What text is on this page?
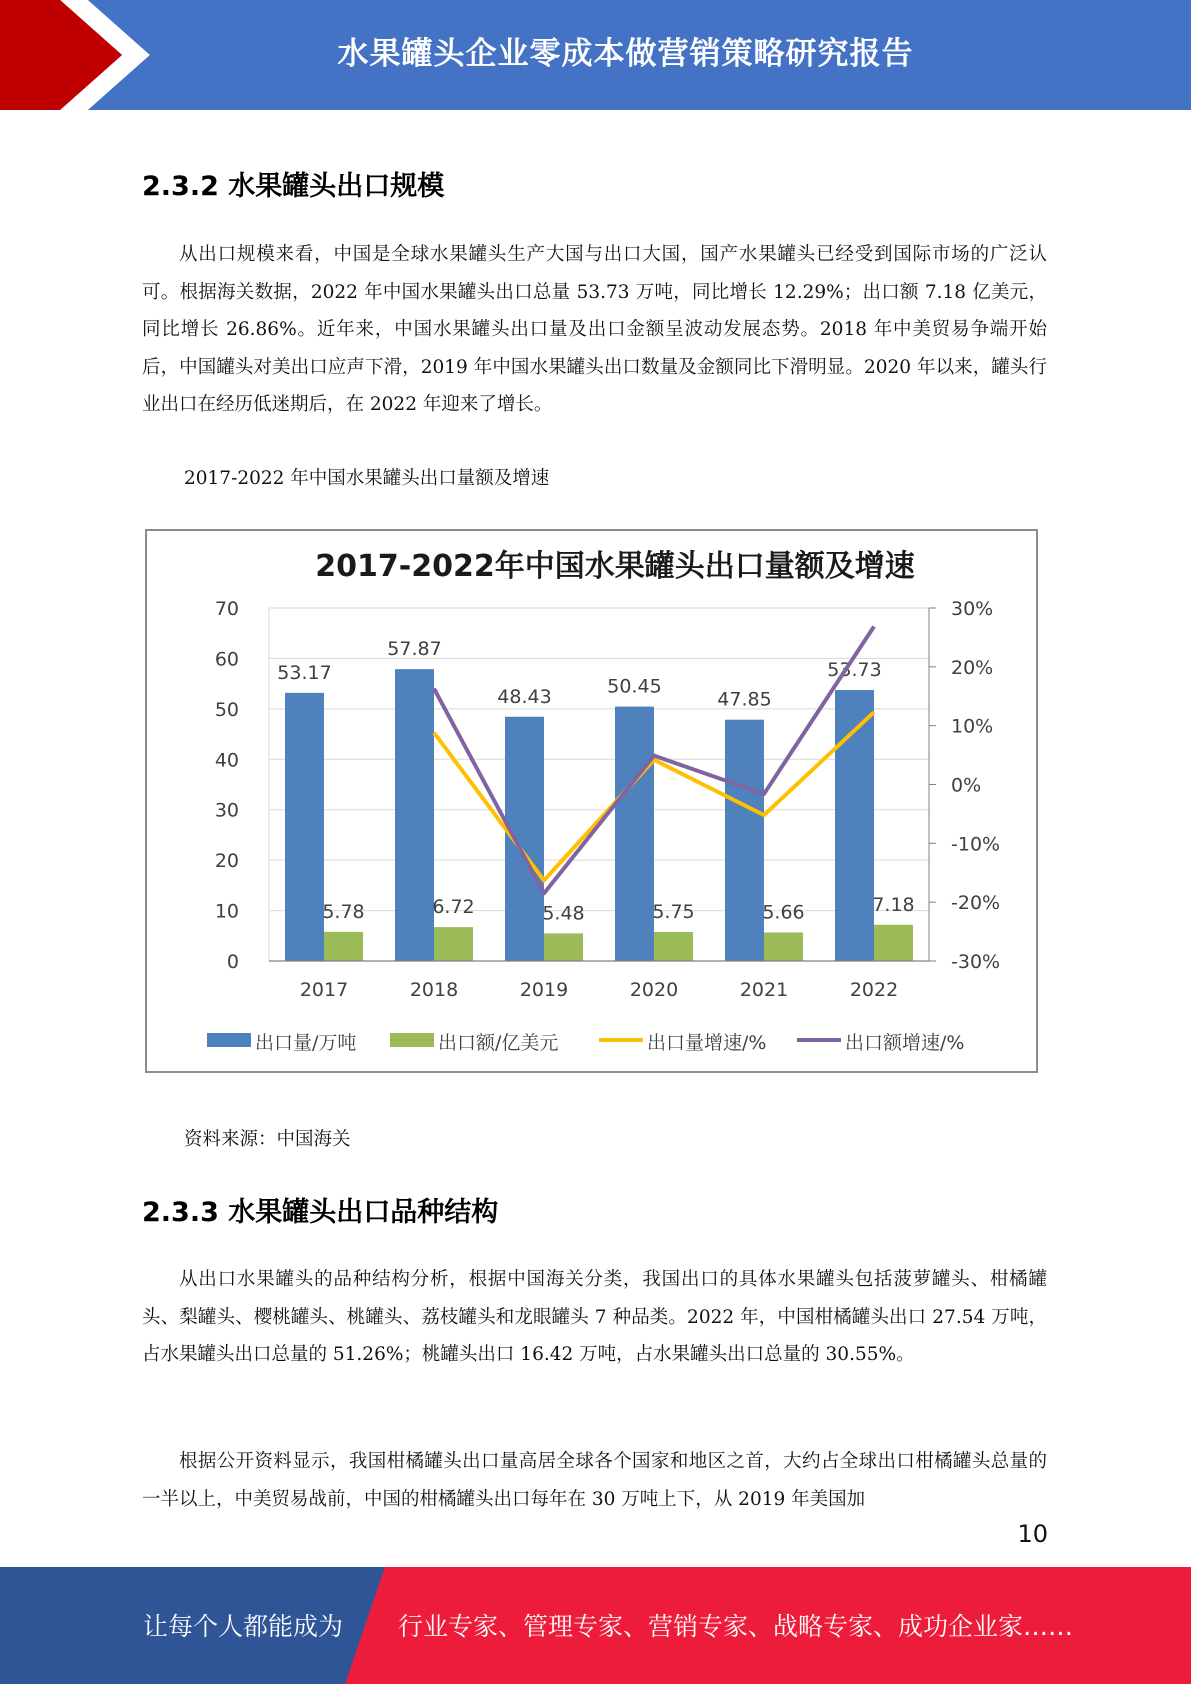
水果罐头企业零成本做营销策略研究报告
2.3.2 水果罐头出口规模

从出口规模来看，中国是全球水果罐头生产大国与出口大国，国产水果罐头已经受到国际市场的广泛认可。根据海关数据，2022 年中国水果罐头出口总量 53.73 万吨，同比增长 12.29%；出口额 7.18 亿美元，同比增长 26.86%。近年来，中国水果罐头出口量及出口金额呈波动发展态势。2018 年中美贸易争端开始后，中国罐头对美出口应声下滑，2019 年中国水果罐头出口数量及金额同比下滑明显。2020 年以来，罐头行业出口在经历低迷期后，在 2022 年迎来了增长。

2017-2022 年中国水果罐头出口量额及增速
2017-2022年中国水果罐头出口量额及增速
0
10
20
30
40
50
60
70
-30%
-20%
-10%
0%
10%
20%
30%
53.17
57.87
48.43	50.45
47.85
53.73
5.78	6.72	5.48	5.75	5.66	7.18
2017	2018	2019	2020	2021	2022
出口量/万吨	出口额/亿美元	出口量增速/%	出口额增速/%
资料来源：中国海关
2.3.3 水果罐头出口品种结构

从出口水果罐头的品种结构分析，根据中国海关分类，我国出口的具体水果罐头包括菠萝罐头、柑橘罐头、梨罐头、樱桃罐头、桃罐头、荔枝罐头和龙眼罐头 7 种品类。2022 年，中国柑橘罐头出口 27.54 万吨，占水果罐头出口总量的 51.26%；桃罐头出口 16.42 万吨，占水果罐头出口总量的 30.55%。

根据公开资料显示，我国柑橘罐头出口量高居全球各个国家和地区之首，大约占全球出口柑橘罐头总量的一半以上，中美贸易战前，中国的柑橘罐头出口每年在 30 万吨上下，从 2019 年美国加

10
让每个人都能成为 行业专家、管理专家、营销专家、战略专家、成功企业家……
